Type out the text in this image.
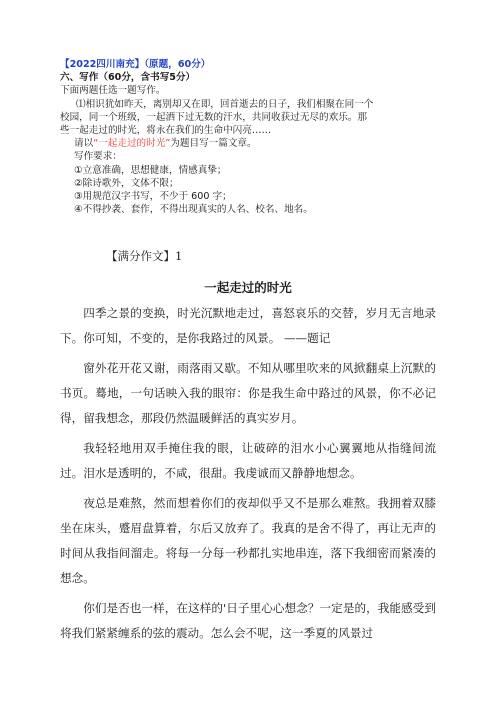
【2022四川南充】（原题，60分）
六、写作（60分，含书写5分）
下面两题任选一题写作。
⑴相识犹如昨天，离别却又在即，回首逝去的日子，我们相聚在同一个
校园，同一个班级，一起洒下过无数的汗水，共同收获过无尽的欢乐。那
些一起走过的时光，将永在我们的生命中闪亮……
请以“一起走过的时光”为题目写一篇文章。
写作要求：
①立意准确，思想健康，情感真挚；
②除诗歌外，文体不限；
③用规范汉字书写，不少于 600 字；
④不得抄袭、套作，不得出现真实的人名、校名、地名。
【满分作文】1
一起走过的时光
四季之景的变换，时光沉默地走过，喜怒哀乐的交替，岁月无言地录下。你可知，不变的，是你我路过的风景。 ——题记
窗外花开花又谢，雨落雨又歇。不知从哪里吹来的风掀翻桌上沉默的书页。蓦地，一句话映入我的眼帘：你是我生命中路过的风景，你不必记得，留我想念，那段仍然温暖鲜活的真实岁月。
我轻轻地用双手掩住我的眼，让破碎的泪水小心翼翼地从指缝间流过。泪水是透明的，不咸，很甜。我虔诚而又静静地想念。
夜总是难熬，然而想着你们的夜却似乎又不是那么难熬。我拥着双膝坐在床头，蹙眉盘算着，尔后又放弃了。我真的是舍不得了，再让无声的时间从我指间溜走。将每一分每一秒都扎实地串连，落下我细密而紧凑的想念。
你们是否也一样，在这样的'日子里心心想念？一定是的，我能感受到将我们紧紧缠系的弦的震动。怎么会不呢，这一季夏的风景过
